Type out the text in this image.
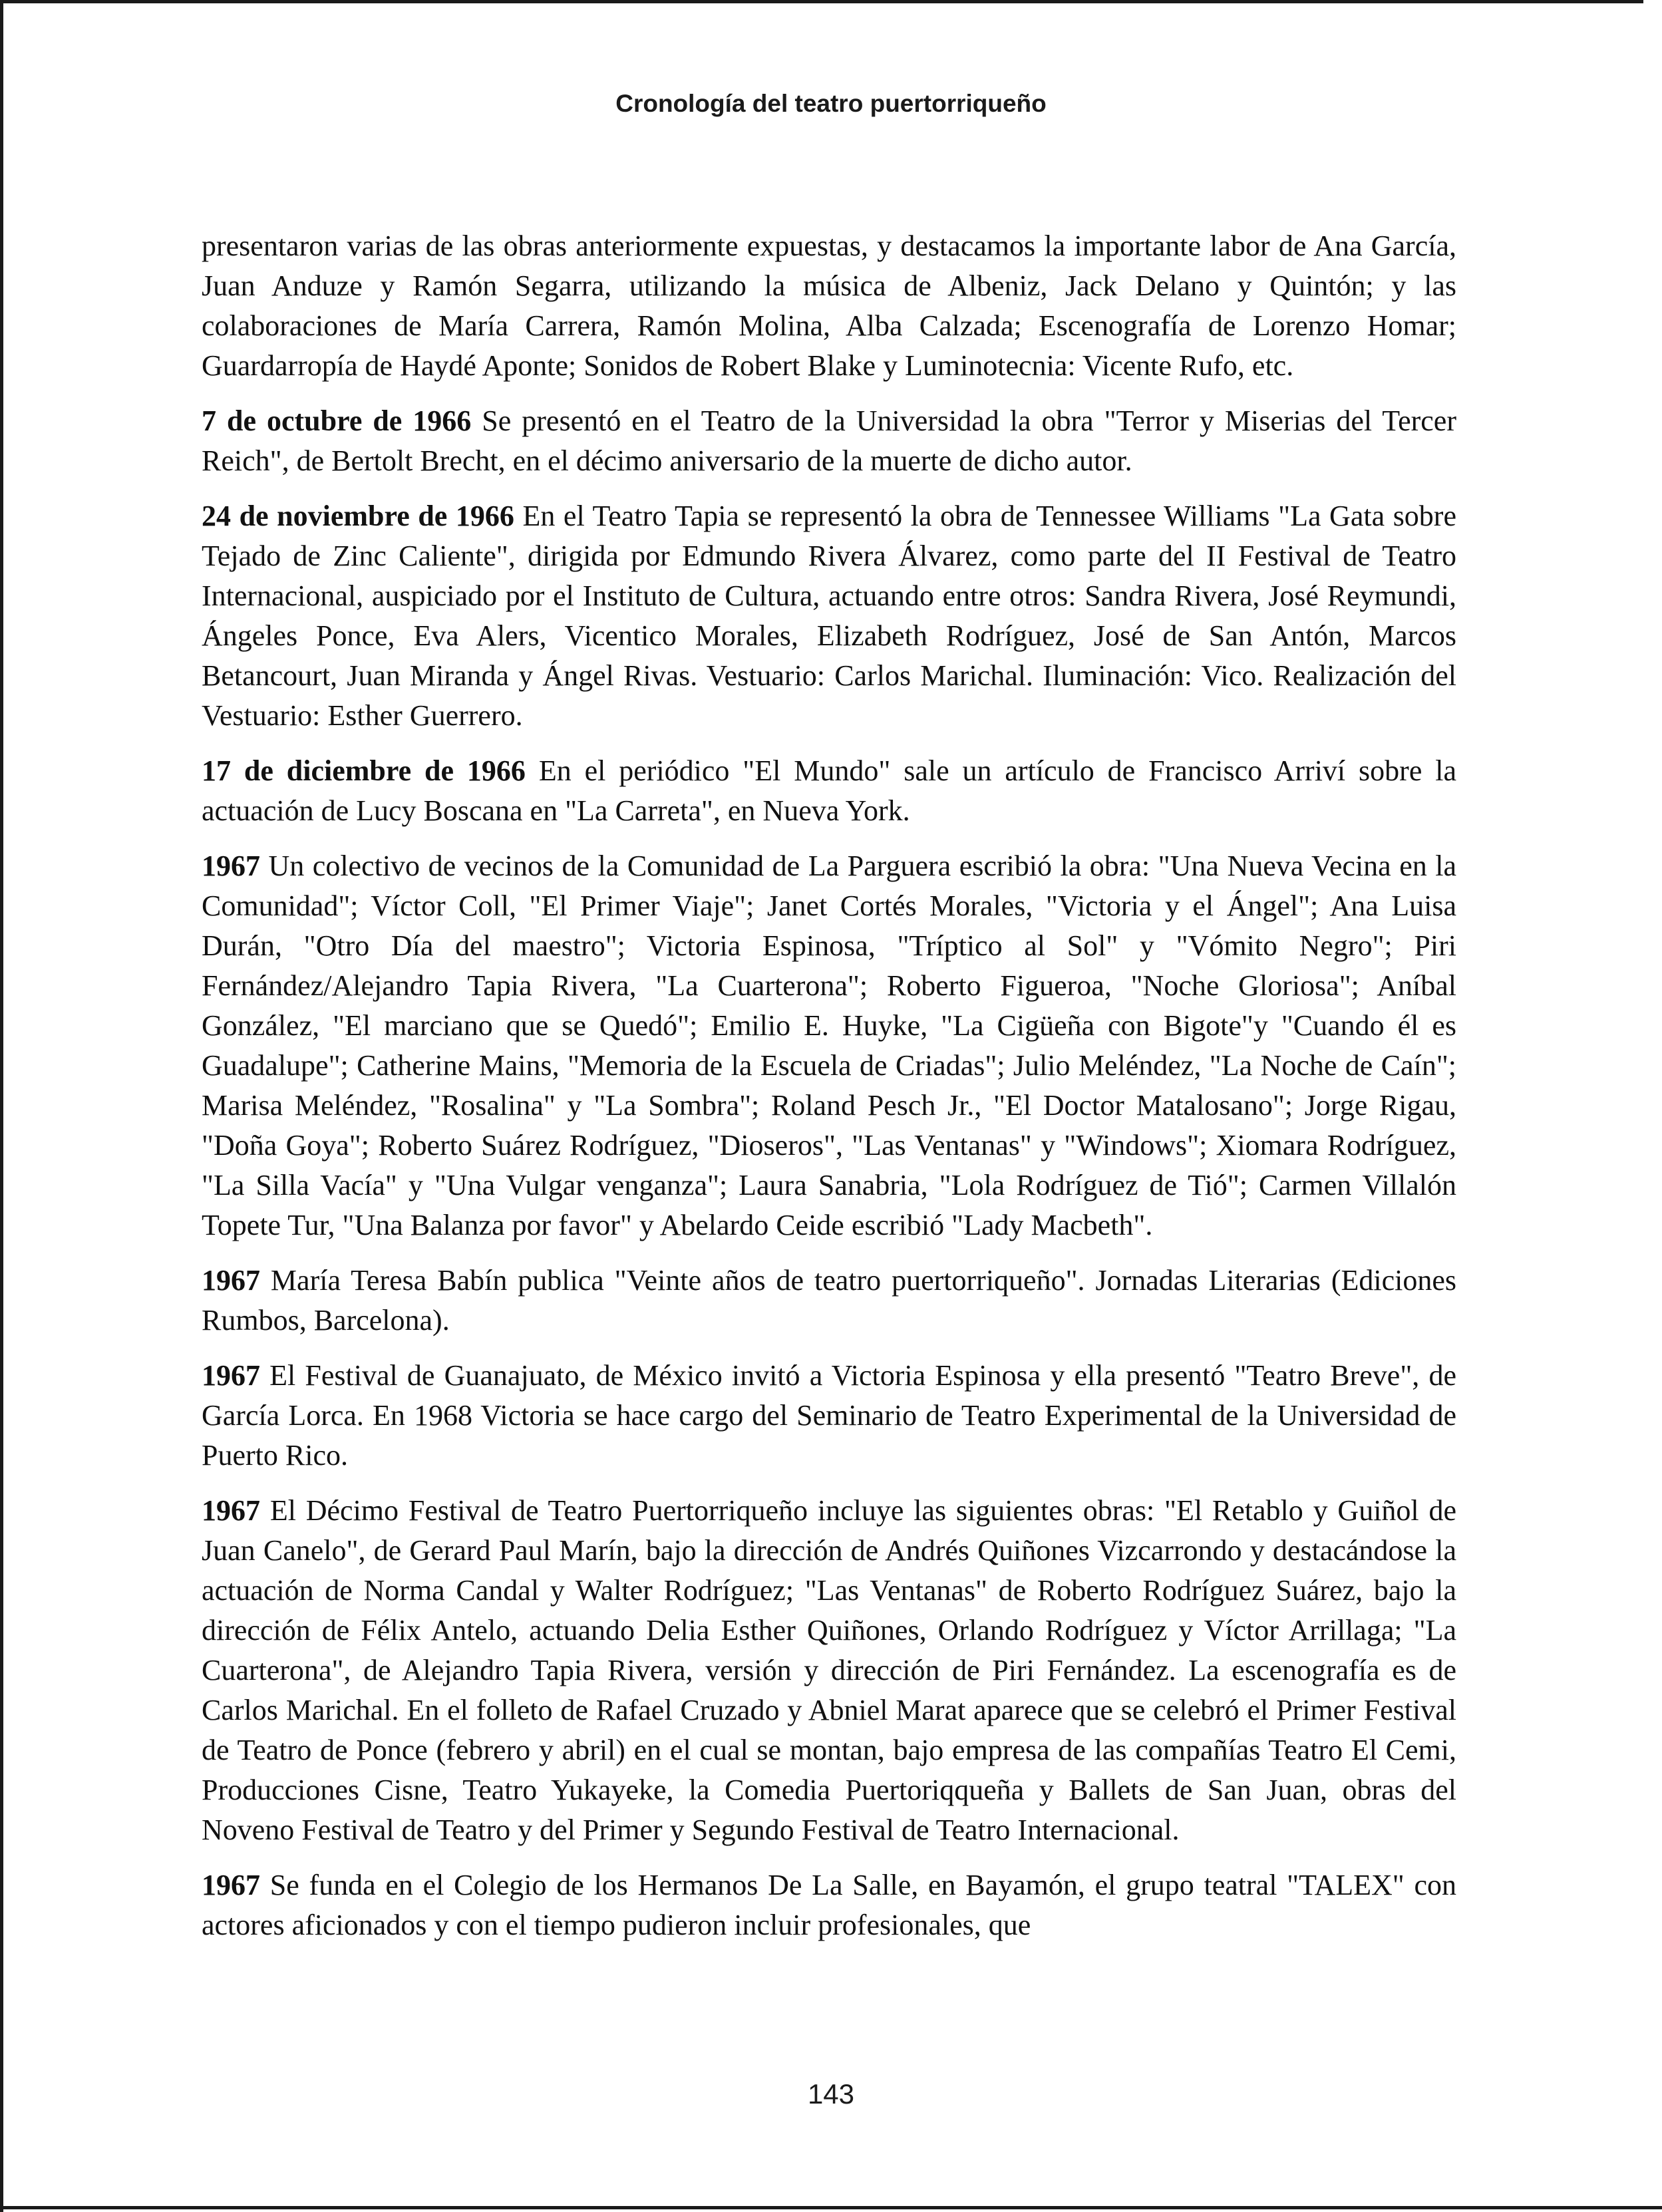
Cronología del teatro puertorriqueño

presentaron varias de las obras anteriormente expuestas, y destacamos la importante labor de Ana García, Juan Anduze y Ramón Segarra, utilizando la música de Albeniz, Jack Delano y Quintón; y las colaboraciones de María Carrera, Ramón Molina, Alba Calzada; Escenografía de Lorenzo Homar; Guardarropía de Haydé Aponte; Sonidos de Robert Blake y Luminotecnia: Vicente Rufo, etc.

7 de octubre de 1966 Se presentó en el Teatro de la Universidad la obra "Terror y Miserias del Tercer Reich", de Bertolt Brecht, en el décimo aniversario de la muerte de dicho autor.

24 de noviembre de 1966 En el Teatro Tapia se representó la obra de Tennessee Williams "La Gata sobre Tejado de Zinc Caliente", dirigida por Edmundo Rivera Álvarez, como parte del II Festival de Teatro Internacional, auspiciado por el Instituto de Cultura, actuando entre otros: Sandra Rivera, José Reymundi, Ángeles Ponce, Eva Alers, Vicentico Morales, Elizabeth Rodríguez, José de San Antón, Marcos Betancourt, Juan Miranda y Ángel Rivas. Vestuario: Carlos Marichal. Iluminación: Vico. Realización del Vestuario: Esther Guerrero.

17 de diciembre de 1966 En el periódico "El Mundo" sale un artículo de Francisco Arriví sobre la actuación de Lucy Boscana en "La Carreta", en Nueva York.

1967 Un colectivo de vecinos de la Comunidad de La Parguera escribió la obra: "Una Nueva Vecina en la Comunidad"; Víctor Coll, "El Primer Viaje"; Janet Cortés Morales, "Victoria y el Ángel"; Ana Luisa Durán, "Otro Día del maestro"; Victoria Espinosa, "Tríptico al Sol" y "Vómito Negro"; Piri Fernández/Alejandro Tapia Rivera, "La Cuarterona"; Roberto Figueroa, "Noche Gloriosa"; Aníbal González, "El marciano que se Quedó"; Emilio E. Huyke, "La Cigüeña con Bigote"y "Cuando él es Guadalupe"; Catherine Mains, "Memoria de la Escuela de Criadas"; Julio Meléndez, "La Noche de Caín"; Marisa Meléndez, "Rosalina" y "La Sombra"; Roland Pesch Jr., "El Doctor Matalosano"; Jorge Rigau, "Doña Goya"; Roberto Suárez Rodríguez, "Dioseros", "Las Ventanas" y "Windows"; Xiomara Rodríguez, "La Silla Vacía" y "Una Vulgar venganza"; Laura Sanabria, "Lola Rodríguez de Tió"; Carmen Villalón Topete Tur, "Una Balanza por favor" y Abelardo Ceide escribió "Lady Macbeth".

1967 María Teresa Babín publica "Veinte años de teatro puertorriqueño". Jornadas Literarias (Ediciones Rumbos, Barcelona).

1967 El Festival de Guanajuato, de México invitó a Victoria Espinosa y ella presentó "Teatro Breve", de García Lorca. En 1968 Victoria se hace cargo del Seminario de Teatro Experimental de la Universidad de Puerto Rico.

1967 El Décimo Festival de Teatro Puertorriqueño incluye las siguientes obras: "El Retablo y Guiñol de Juan Canelo", de Gerard Paul Marín, bajo la dirección de Andrés Quiñones Vizcarrondo y destacándose la actuación de Norma Candal y Walter Rodríguez; "Las Ventanas" de Roberto Rodríguez Suárez, bajo la dirección de Félix Antelo, actuando Delia Esther Quiñones, Orlando Rodríguez y Víctor Arrillaga; "La Cuarterona", de Alejandro Tapia Rivera, versión y dirección de Piri Fernández. La escenografía es de Carlos Marichal. En el folleto de Rafael Cruzado y Abniel Marat aparece que se celebró el Primer Festival de Teatro de Ponce (febrero y abril) en el cual se montan, bajo empresa de las compañías Teatro El Cemi, Producciones Cisne, Teatro Yukayeke, la Comedia Puertoriqqueña y Ballets de San Juan, obras del Noveno Festival de Teatro y del Primer y Segundo Festival de Teatro Internacional.

1967 Se funda en el Colegio de los Hermanos De La Salle, en Bayamón, el grupo teatral "TALEX" con actores aficionados y con el tiempo pudieron incluir profesionales, que

143
